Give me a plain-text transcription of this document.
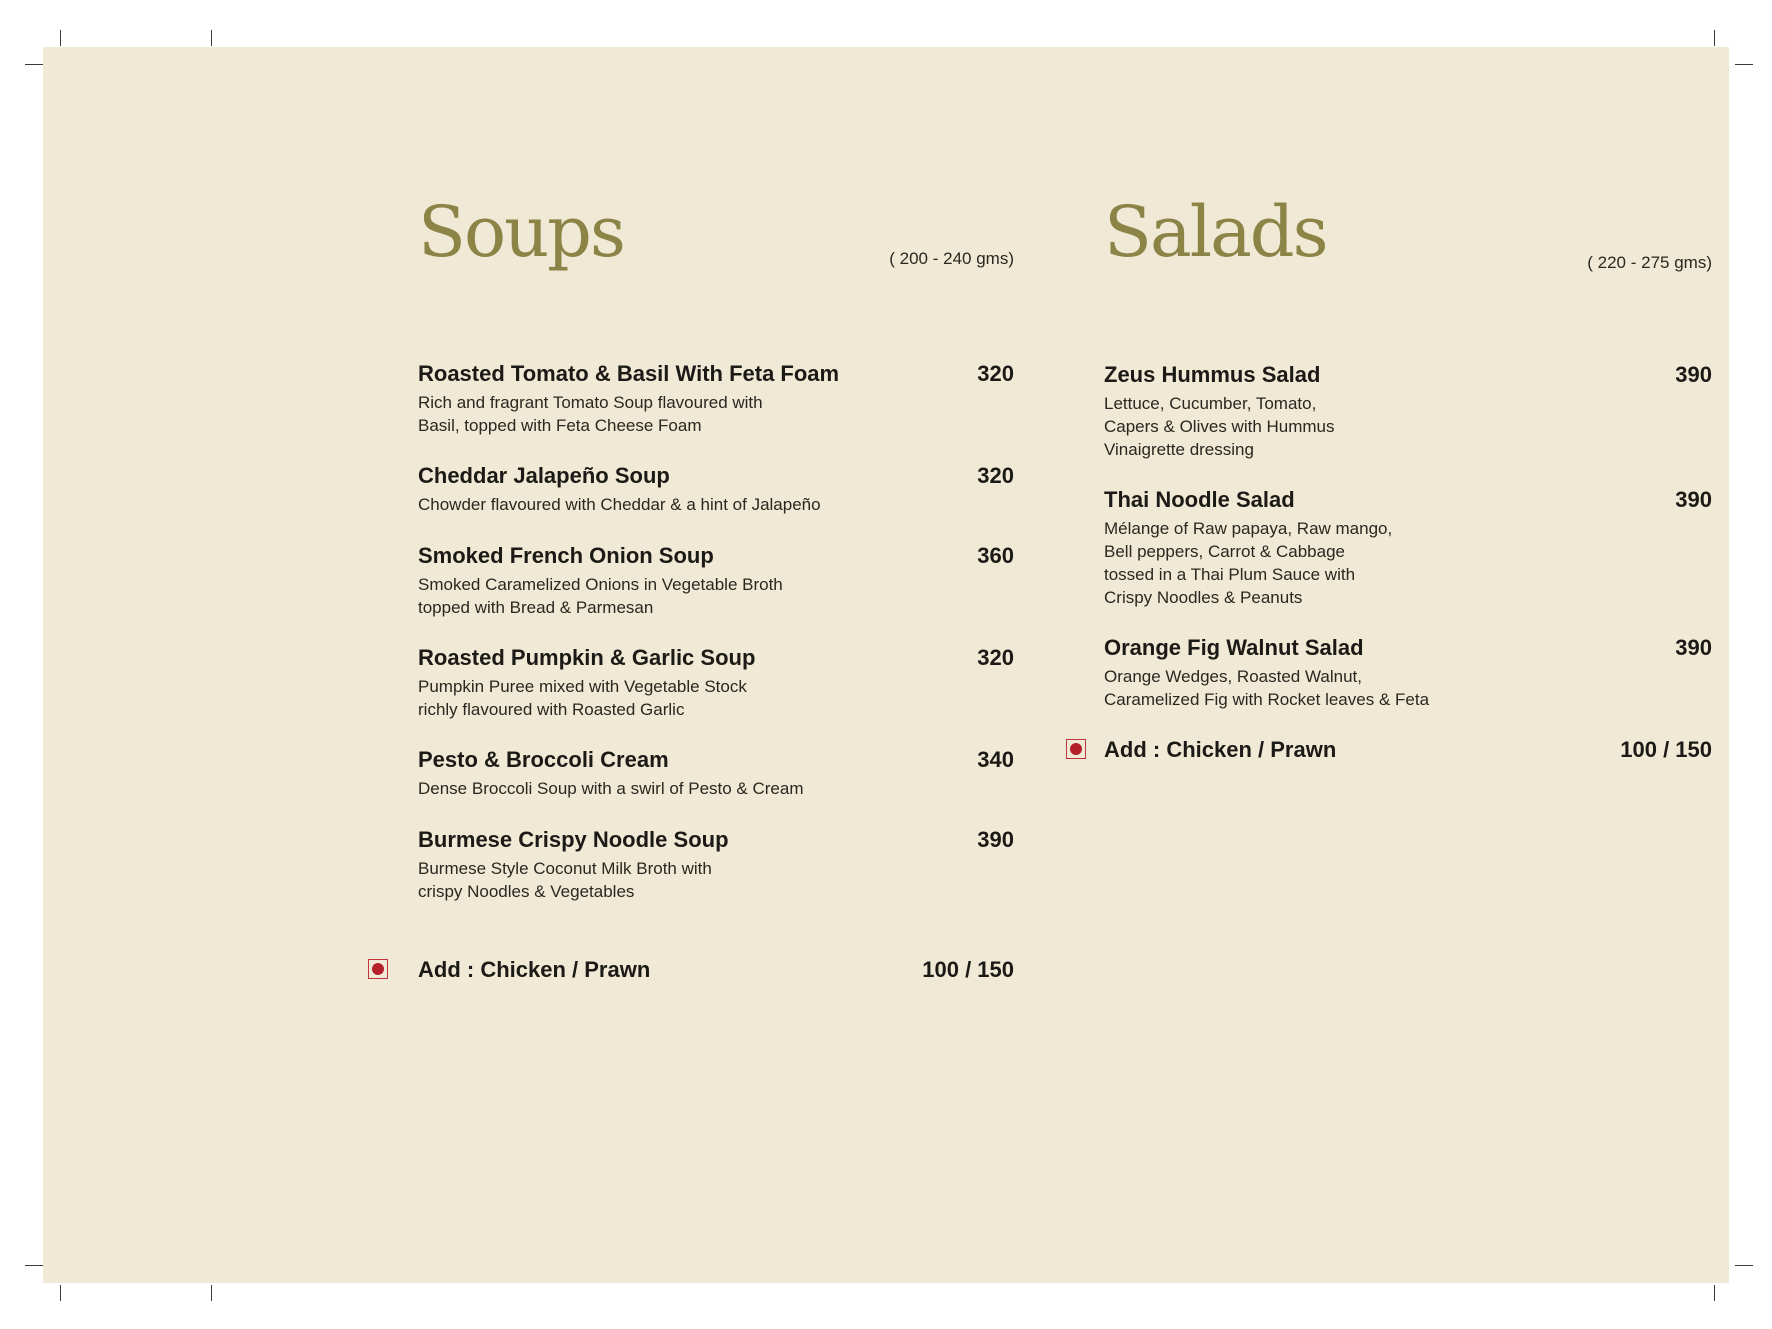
Soups	( 200 - 240 gms)
Roasted Tomato & Basil With Feta Foam	320
Rich and fragrant Tomato Soup flavoured with
Basil, topped with Feta Cheese Foam
Cheddar Jalapeño Soup	320
Chowder flavoured with Cheddar & a hint of Jalapeño
Smoked French Onion Soup	360
Smoked Caramelized Onions in Vegetable Broth
topped with Bread & Parmesan
Roasted Pumpkin & Garlic Soup	320
Pumpkin Puree mixed with Vegetable Stock
richly flavoured with Roasted Garlic
Pesto & Broccoli Cream	340
Dense Broccoli Soup with a swirl of Pesto & Cream
Burmese Crispy Noodle Soup	390
Burmese Style Coconut Milk Broth with
crispy Noodles & Vegetables
Add : Chicken / Prawn	100 / 150
Salads	( 220 - 275 gms)
Zeus Hummus Salad	390
Lettuce, Cucumber, Tomato,
Capers & Olives with Hummus
Vinaigrette dressing
Thai Noodle Salad	390
Mélange of Raw papaya, Raw mango,
Bell peppers, Carrot & Cabbage
tossed in a Thai Plum Sauce with
Crispy Noodles & Peanuts
Orange Fig Walnut Salad	390
Orange Wedges, Roasted Walnut,
Caramelized Fig with Rocket leaves & Feta
Add : Chicken / Prawn	100 / 150
